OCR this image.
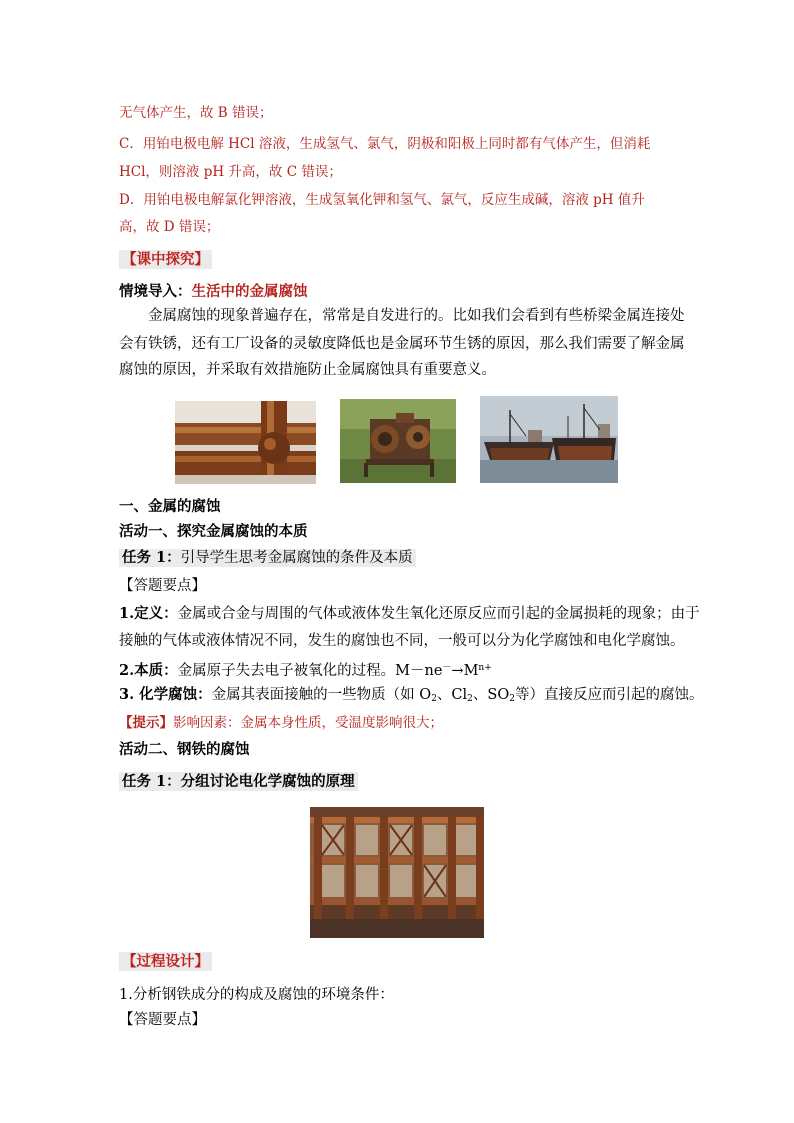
无气体产生，故 B 错误；
C．用铂电极电解 HCl 溶液，生成氢气、氯气，阴极和阳极上同时都有气体产生，但消耗
HCl，则溶液 pH 升高，故 C 错误；
D．用铂电极电解氯化钾溶液，生成氢氧化钾和氢气、氯气，反应生成碱，溶液 pH 值升
高，故 D 错误；
【课中探究】
情境导入：生活中的金属腐蚀
金属腐蚀的现象普遍存在，常常是自发进行的。比如我们会看到有些桥梁金属连接处
会有铁锈，还有工厂设备的灵敏度降低也是金属环节生锈的原因，那么我们需要了解金属
腐蚀的原因，并采取有效措施防止金属腐蚀具有重要意义。
一、金属的腐蚀
活动一、探究金属腐蚀的本质
任务 1：引导学生思考金属腐蚀的条件及本质
【答题要点】
1.定义：金属或合金与周围的气体或液体发生氧化还原反应而引起的金属损耗的现象；由于
接触的气体或液体情况不同，发生的腐蚀也不同，一般可以分为化学腐蚀和电化学腐蚀。
2.本质：金属原子失去电子被氧化的过程。$M-ne^-\to M^{n+}$
3. 化学腐蚀：金属其表面接触的一些物质（如 $O_2$、$Cl_2$、$SO_2$等）直接反应而引起的腐蚀。
【提示】影响因素：金属本身性质，受温度影响很大；
活动二、钢铁的腐蚀
任务 1：分组讨论电化学腐蚀的原理
【过程设计】
1.分析钢铁成分的构成及腐蚀的环境条件：
【答题要点】
